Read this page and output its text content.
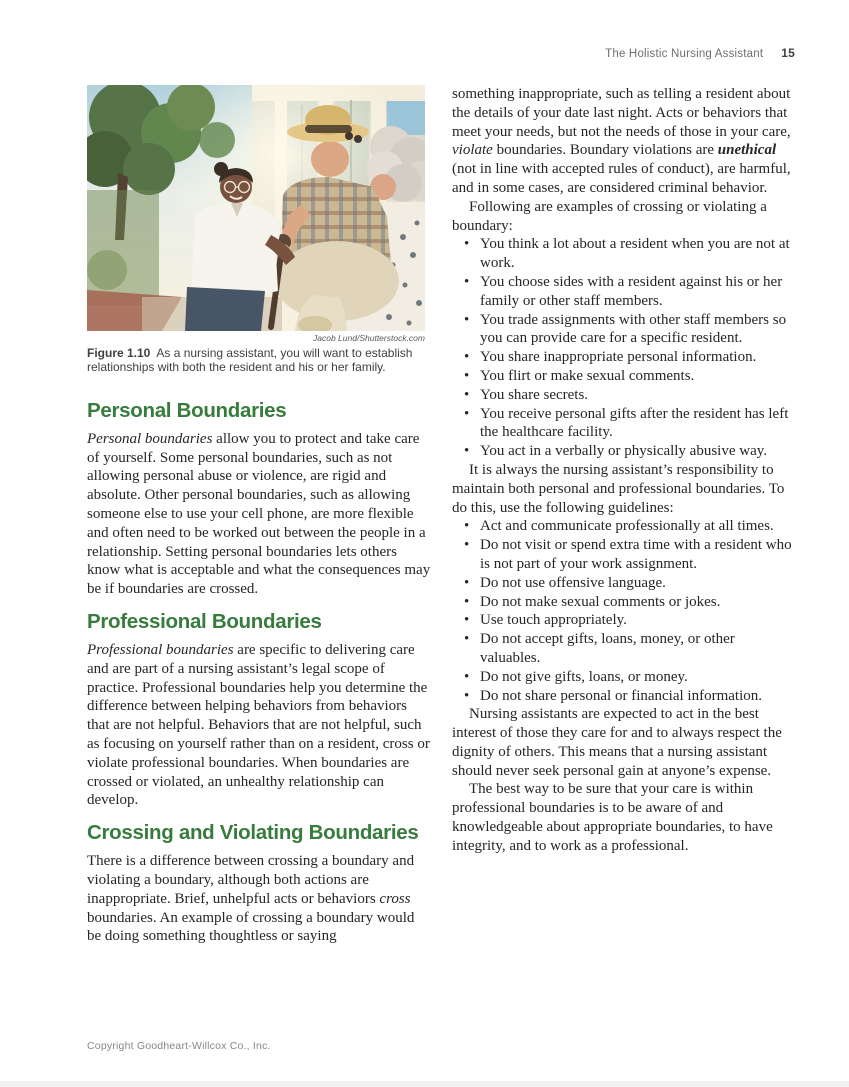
The Holistic Nursing Assistant 15
Jacob Lund/Shutterstock.com
Figure 1.10 As a nursing assistant, you will want to establish relationships with both the resident and his or her family.
Personal Boundaries

Personal boundaries allow you to protect and take care of yourself. Some personal boundaries, such as not allowing personal abuse or violence, are rigid and absolute. Other personal boundaries, such as allowing someone else to use your cell phone, are more flexible and often need to be worked out between the people in a relationship. Setting personal boundaries lets others know what is acceptable and what the consequences may be if boundaries are crossed.

Professional Boundaries

Professional boundaries are specific to delivering care and are part of a nursing assistant’s legal scope of practice. Professional boundaries help you determine the difference between helping behaviors from behaviors that are not helpful. Behaviors that are not helpful, such as focusing on yourself rather than on a resident, cross or violate professional boundaries. When boundaries are crossed or violated, an unhealthy relationship can develop.

Crossing and Violating Boundaries

There is a difference between crossing a boundary and violating a boundary, although both actions are inappropriate. Brief, unhelpful acts or behaviors cross boundaries. An example of crossing a boundary would be doing something thoughtless or saying

something inappropriate, such as telling a resident about the details of your date last night. Acts or behaviors that meet your needs, but not the needs of those in your care, violate boundaries. Boundary violations are unethical (not in line with accepted rules of conduct), are harmful, and in some cases, are considered criminal behavior.

Following are examples of crossing or violating a boundary:

• You think a lot about a resident when you are not at work.
• You choose sides with a resident against his or her family or other staff members.
• You trade assignments with other staff members so you can provide care for a specific resident.
• You share inappropriate personal information.
• You flirt or make sexual comments.
• You share secrets.
• You receive personal gifts after the resident has left the healthcare facility.
• You act in a verbally or physically abusive way.

It is always the nursing assistant’s responsibility to maintain both personal and professional boundaries. To do this, use the following guidelines:

• Act and communicate professionally at all times.
• Do not visit or spend extra time with a resident who is not part of your work assignment.
• Do not use offensive language.
• Do not make sexual comments or jokes.
• Use touch appropriately.
• Do not accept gifts, loans, money, or other valuables.
• Do not give gifts, loans, or money.
• Do not share personal or financial information.

Nursing assistants are expected to act in the best interest of those they care for and to always respect the dignity of others. This means that a nursing assistant should never seek personal gain at anyone’s expense.

The best way to be sure that your care is within professional boundaries is to be aware of and knowledgeable about appropriate boundaries, to have integrity, and to work as a professional.

Copyright Goodheart-Willcox Co., Inc.
